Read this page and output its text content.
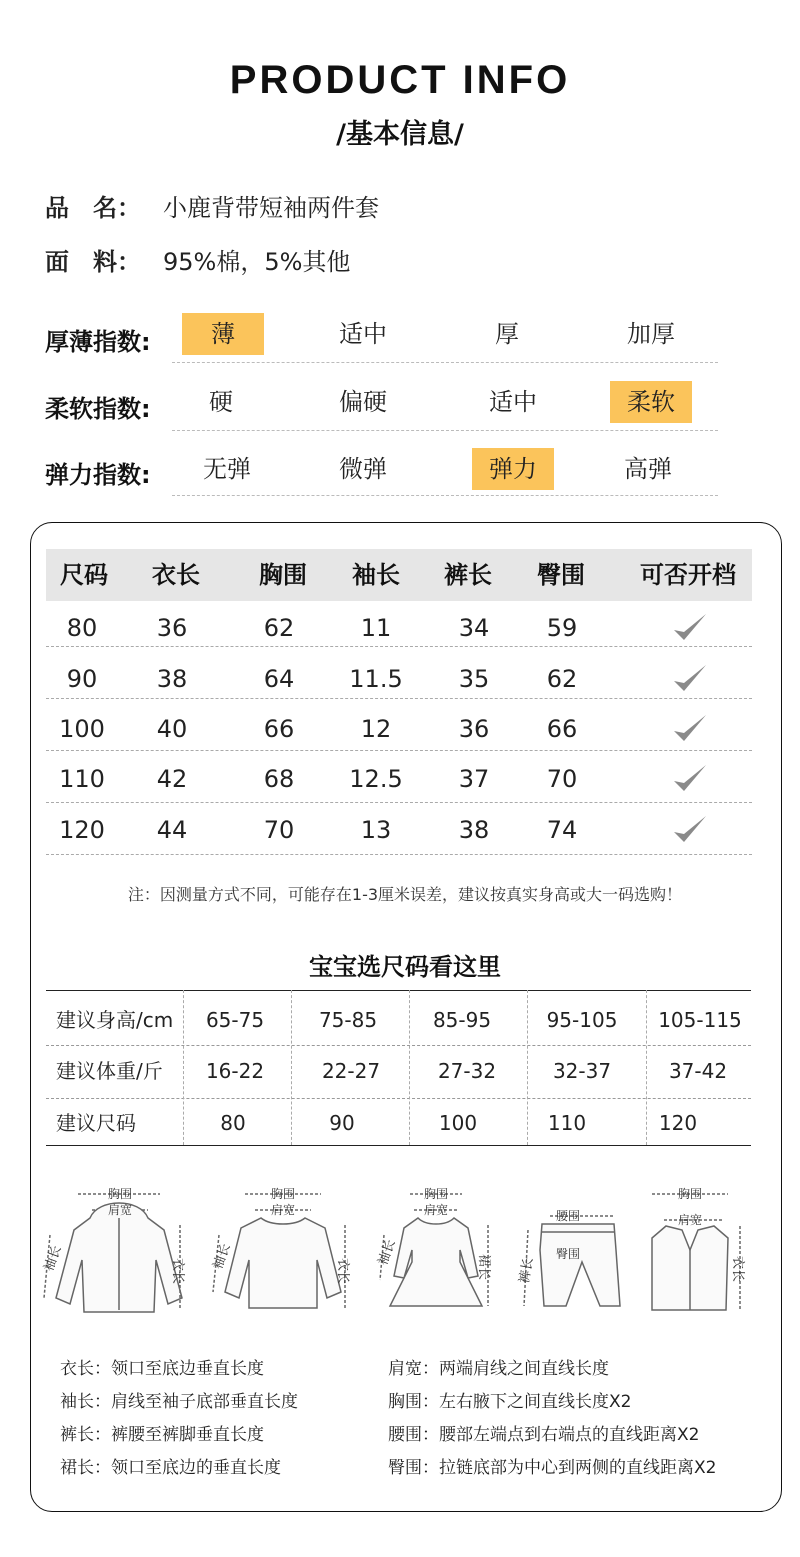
PRODUCT INFO
/基本信息/
品　名： 小鹿背带短袖两件套
面　料： 95%棉，5%其他
厚薄指数:	薄	适中	厚	加厚
柔软指数:	硬	偏硬	适中	柔软
弹力指数:	无弹	微弹	弹力	高弹
尺码	衣长	胸围	袖长	裤长	臀围	可否开档
80	36	62	11	34	59
90	38	64	11.5	35	62
100	40	66	12	36	66
110	42	68	12.5	37	70
120	44	70	13	38	74
注：因测量方式不同，可能存在1-3厘米误差，建议按真实身高或大一码选购！
宝宝选尺码看这里
建议身高/cm	65-75	75-85	85-95	95-105	105-115
建议体重/斤	16-22	22-27	27-32	32-37	37-42
建议尺码	80	90	100	110	120
胸围
肩宽
袖长	衣长
胸围
肩宽
袖长	衣长
胸围
肩宽
袖长	裙长
腰围
臀围
裤长
胸围
肩宽
衣长
衣长：领口至底边垂直长度	肩宽：两端肩线之间直线长度
袖长：肩线至袖子底部垂直长度	胸围：左右腋下之间直线长度X2
裤长：裤腰至裤脚垂直长度	腰围：腰部左端点到右端点的直线距离X2
裙长：领口至底边的垂直长度	臀围：拉链底部为中心到两侧的直线距离X2
